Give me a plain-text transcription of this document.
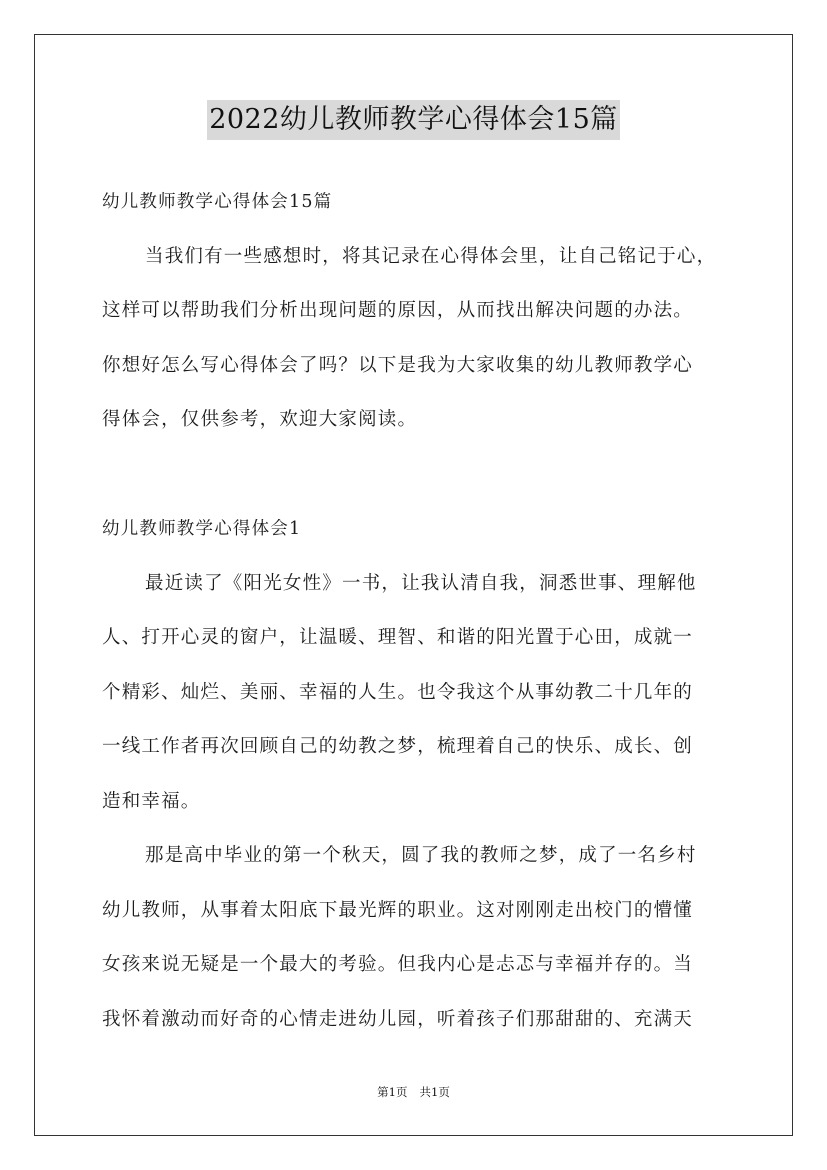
2022幼儿教师教学心得体会15篇
幼儿教师教学心得体会15篇
当我们有一些感想时，将其记录在心得体会里，让自己铭记于心，
这样可以帮助我们分析出现问题的原因，从而找出解决问题的办法。
你想好怎么写心得体会了吗？以下是我为大家收集的幼儿教师教学心
得体会，仅供参考，欢迎大家阅读。
幼儿教师教学心得体会1
最近读了《阳光女性》一书，让我认清自我，洞悉世事、理解他
人、打开心灵的窗户，让温暖、理智、和谐的阳光置于心田，成就一
个精彩、灿烂、美丽、幸福的人生。也令我这个从事幼教二十几年的
一线工作者再次回顾自己的幼教之梦，梳理着自己的快乐、成长、创
造和幸福。
那是高中毕业的第一个秋天，圆了我的教师之梦，成了一名乡村
幼儿教师，从事着太阳底下最光辉的职业。这对刚刚走出校门的懵懂
女孩来说无疑是一个最大的考验。但我内心是忐忑与幸福并存的。当
我怀着激动而好奇的心情走进幼儿园，听着孩子们那甜甜的、充满天
第1页 共1页
